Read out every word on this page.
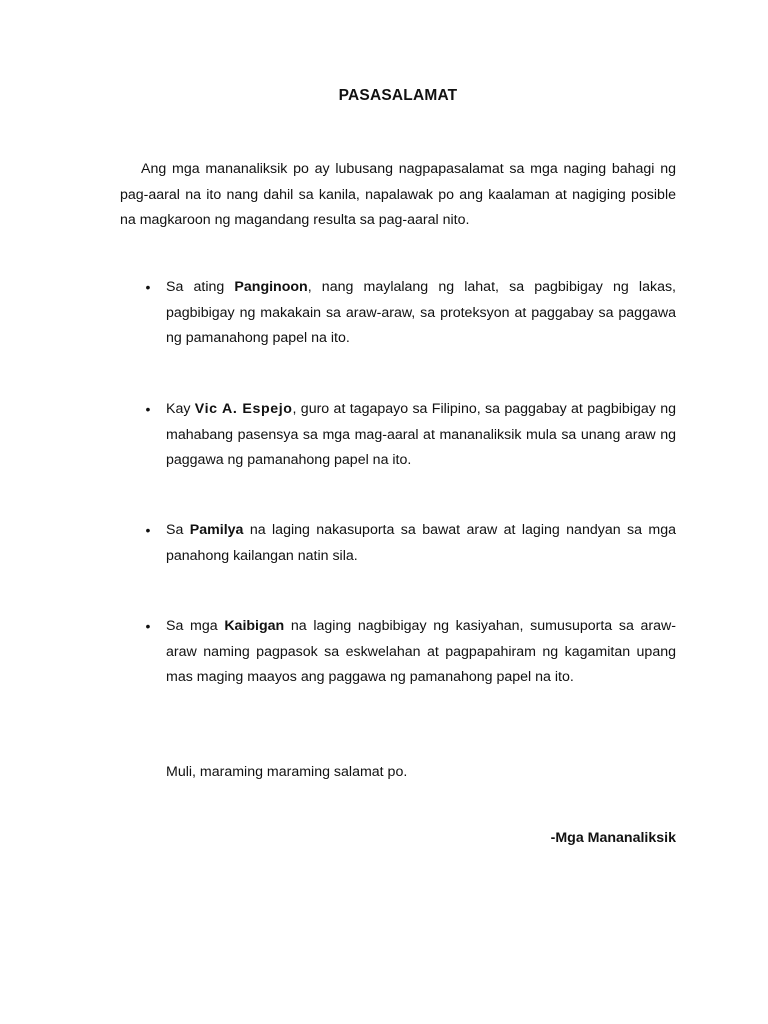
PASASALAMAT

Ang mga mananaliksik po ay lubusang nagpapasalamat sa mga naging bahagi ng pag-aaral na ito nang dahil sa kanila, napalawak po ang kaalaman at nagiging posible na magkaroon ng magandang resulta sa pag-aaral nito.

• Sa ating Panginoon, nang maylalang ng lahat, sa pagbibigay ng lakas, pagbibigay ng makakain sa araw-araw, sa proteksyon at paggabay sa paggawa ng pamanahong papel na ito.
• Kay Vic A. Espejo, guro at tagapayo sa Filipino, sa paggabay at pagbibigay ng mahabang pasensya sa mga mag-aaral at mananaliksik mula sa unang araw ng paggawa ng pamanahong papel na ito.
• Sa Pamilya na laging nakasuporta sa bawat araw at laging nandyan sa mga panahong kailangan natin sila.
• Sa mga Kaibigan na laging nagbibigay ng kasiyahan, sumusuporta sa araw-araw naming pagpasok sa eskwelahan at pagpapahiram ng kagamitan upang mas maging maayos ang paggawa ng pamanahong papel na ito.
Muli, maraming maraming salamat po.
-Mga Mananaliksik
